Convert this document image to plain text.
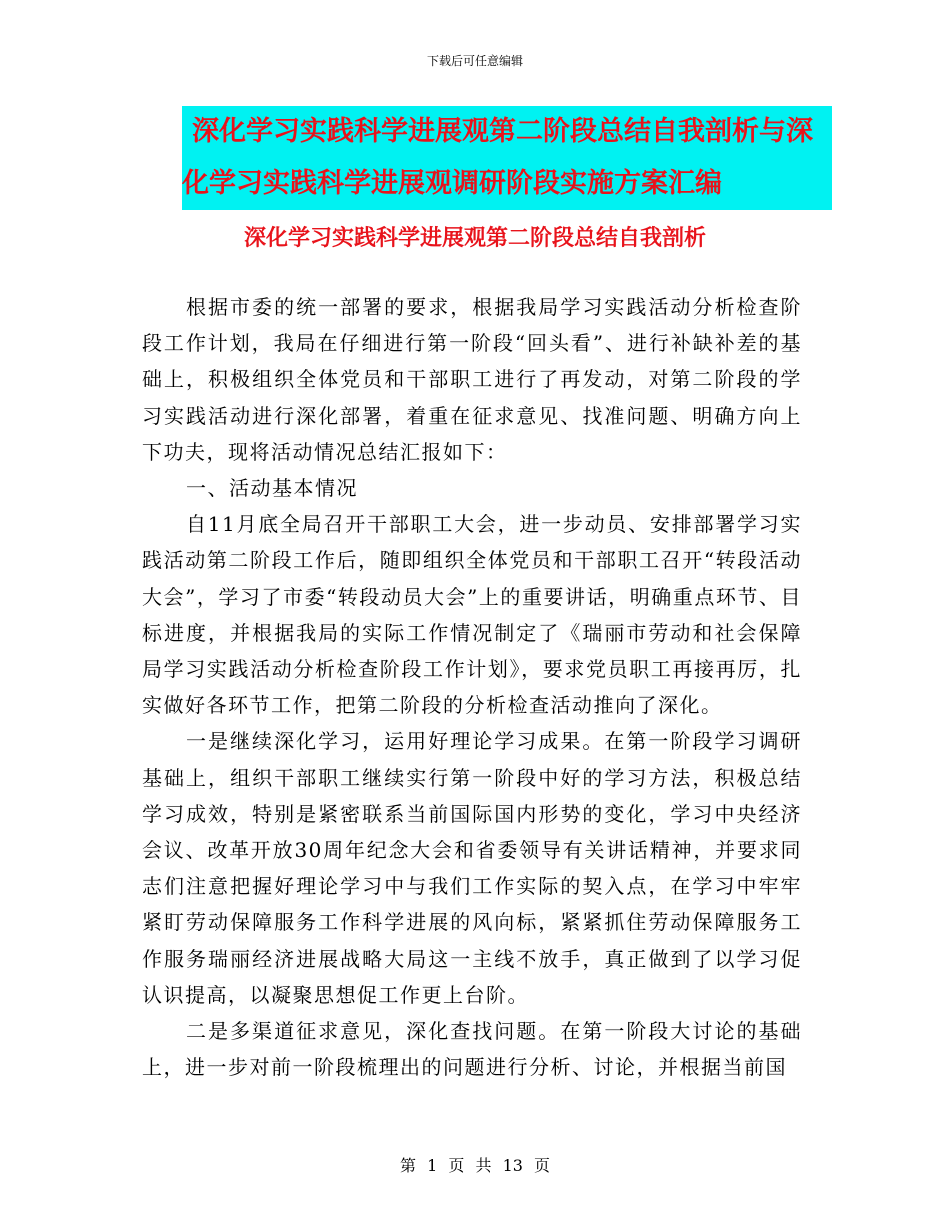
下载后可任意编辑
深化学习实践科学进展观第二阶段总结自我剖析与深
化学习实践科学进展观调研阶段实施方案汇编
深化学习实践科学进展观第二阶段总结自我剖析

根据市委的统一部署的要求，根据我局学习实践活动分析检查阶段工作计划，我局在仔细进行第一阶段“回头看”、进行补缺补差的基础上，积极组织全体党员和干部职工进行了再发动，对第二阶段的学习实践活动进行深化部署，着重在征求意见、找准问题、明确方向上下功夫，现将活动情况总结汇报如下：

一、活动基本情况

自11月底全局召开干部职工大会，进一步动员、安排部署学习实践活动第二阶段工作后，随即组织全体党员和干部职工召开“转段活动大会”，学习了市委“转段动员大会”上的重要讲话，明确重点环节、目标进度，并根据我局的实际工作情况制定了《瑞丽市劳动和社会保障局学习实践活动分析检查阶段工作计划》，要求党员职工再接再厉，扎实做好各环节工作，把第二阶段的分析检查活动推向了深化。

一是继续深化学习，运用好理论学习成果。在第一阶段学习调研基础上，组织干部职工继续实行第一阶段中好的学习方法，积极总结学习成效，特别是紧密联系当前国际国内形势的变化，学习中央经济会议、改革开放30周年纪念大会和省委领导有关讲话精神，并要求同志们注意把握好理论学习中与我们工作实际的契入点，在学习中牢牢紧盯劳动保障服务工作科学进展的风向标，紧紧抓住劳动保障服务工作服务瑞丽经济进展战略大局这一主线不放手，真正做到了以学习促认识提高，以凝聚思想促工作更上台阶。

二是多渠道征求意见，深化查找问题。在第一阶段大讨论的基础上，进一步对前一阶段梳理出的问题进行分析、讨论，并根据当前国

第 1 页 共 13 页
